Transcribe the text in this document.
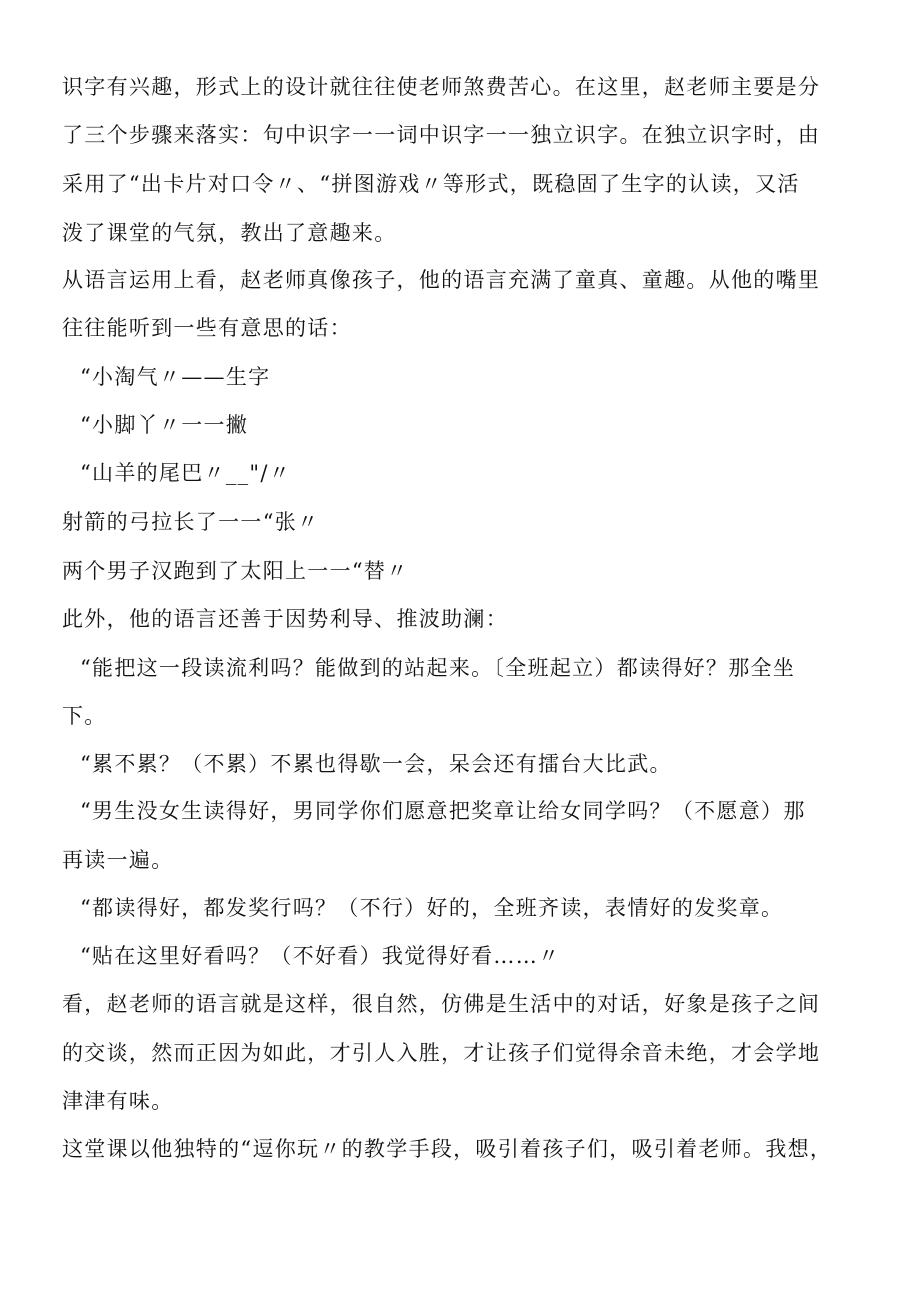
识字有兴趣，形式上的设计就往往使老师煞费苦心。在这里，赵老师主要是分
了三个步骤来落实：句中识字一一词中识字一一独立识字。在独立识字时，由
采用了“出卡片对口令〃、“拼图游戏〃等形式，既稳固了生字的认读，又活
泼了课堂的气氛，教出了意趣来。
从语言运用上看，赵老师真像孩子，他的语言充满了童真、童趣。从他的嘴里
往往能听到一些有意思的话：
“小淘气〃——生字
“小脚丫〃一一撇
“山羊的尾巴〃__"/〃
射箭的弓拉长了一一“张〃
两个男子汉跑到了太阳上一一“替〃
此外，他的语言还善于因势利导、推波助澜：
“能把这一段读流利吗？能做到的站起来。〔全班起立）都读得好？那全坐
下。
“累不累？（不累）不累也得歇一会，呆会还有擂台大比武。
“男生没女生读得好，男同学你们愿意把奖章让给女同学吗？（不愿意）那
再读一遍。
“都读得好，都发奖行吗？（不行）好的，全班齐读，表情好的发奖章。
“贴在这里好看吗？（不好看）我觉得好看……〃
看，赵老师的语言就是这样，很自然，仿佛是生活中的对话，好象是孩子之间
的交谈，然而正因为如此，才引人入胜，才让孩子们觉得余音未绝，才会学地
津津有味。
这堂课以他独特的“逗你玩〃的教学手段，吸引着孩子们，吸引着老师。我想，
